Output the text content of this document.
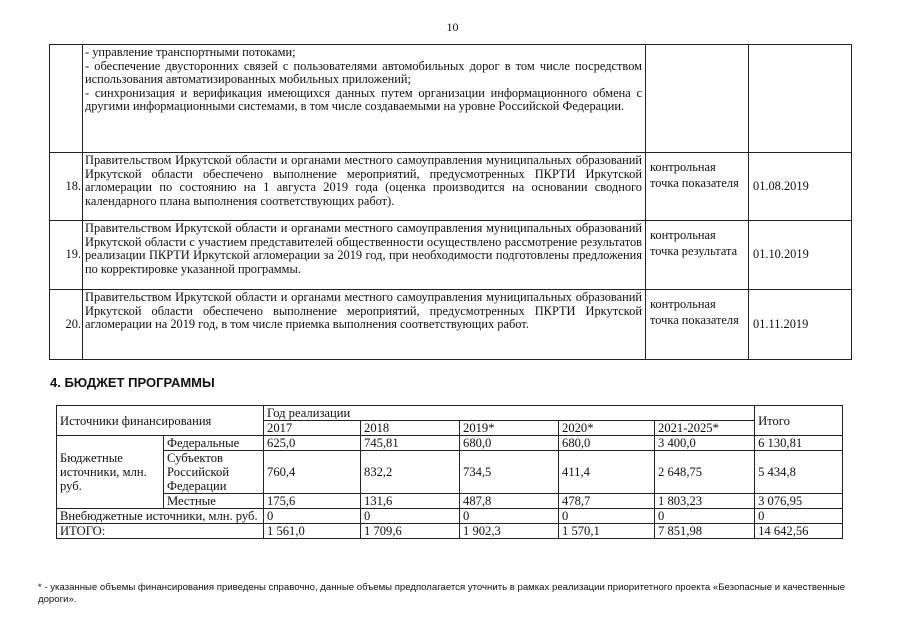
10

	- управление транспортными потоками;
- обеспечение двусторонних связей с пользователями автомобильных дорог в том числе посредством использования автоматизированных мобильных приложений;
- синхронизация и верификация имеющихся данных путем организации информационного обмена с другими информационными системами, в том числе создаваемыми на уровне Российской Федерации.		

18.	Правительством Иркутской области и органами местного самоуправления муниципальных образований Иркутской области обеспечено выполнение мероприятий, предусмотренных ПКРТИ Иркутской агломерации по состоянию на 1 августа 2019 года (оценка производится на основании сводного календарного плана выполнения соответствующих работ).	контрольная точка показателя	01.08.2019
19.	Правительством Иркутской области и органами местного самоуправления муниципальных образований Иркутской области с участием представителей общественности осуществлено рассмотрение результатов реализации ПКРТИ Иркутской агломерации за 2019 год, при необходимости подготовлены предложения по корректировке указанной программы.	контрольная точка результата	01.10.2019
20.	Правительством Иркутской области и органами местного самоуправления муниципальных образований Иркутской области обеспечено выполнение мероприятий, предусмотренных ПКРТИ Иркутской агломерации на 2019 год, в том числе приемка выполнения соответствующих работ.	контрольная точка показателя	01.11.2019
4. БЮДЖЕТ ПРОГРАММЫ
Источники финансирования		Год реализации					Итого
		2017	2018	2019*	2020*	2021-2025*	
Бюджетные источники, млн. руб.	Федеральные	625,0	745,81	680,0	680,0	3 400,0	6 130,81
	Субъектов Российской Федерации	760,4	832,2	734,5	411,4	2 648,75	5 434,8
	Местные	175,6	131,6	487,8	478,7	1 803,23	3 076,95
Внебюджетные источники, млн. руб.		0	0	0	0	0	0
ИТОГО:		1 561,0	1 709,6	1 902,3	1 570,1	7 851,98	14 642,56
* - указанные объемы финансирования приведены справочно, данные объемы предполагается уточнить в рамках реализации приоритетного проекта «Безопасные и качественные дороги».
